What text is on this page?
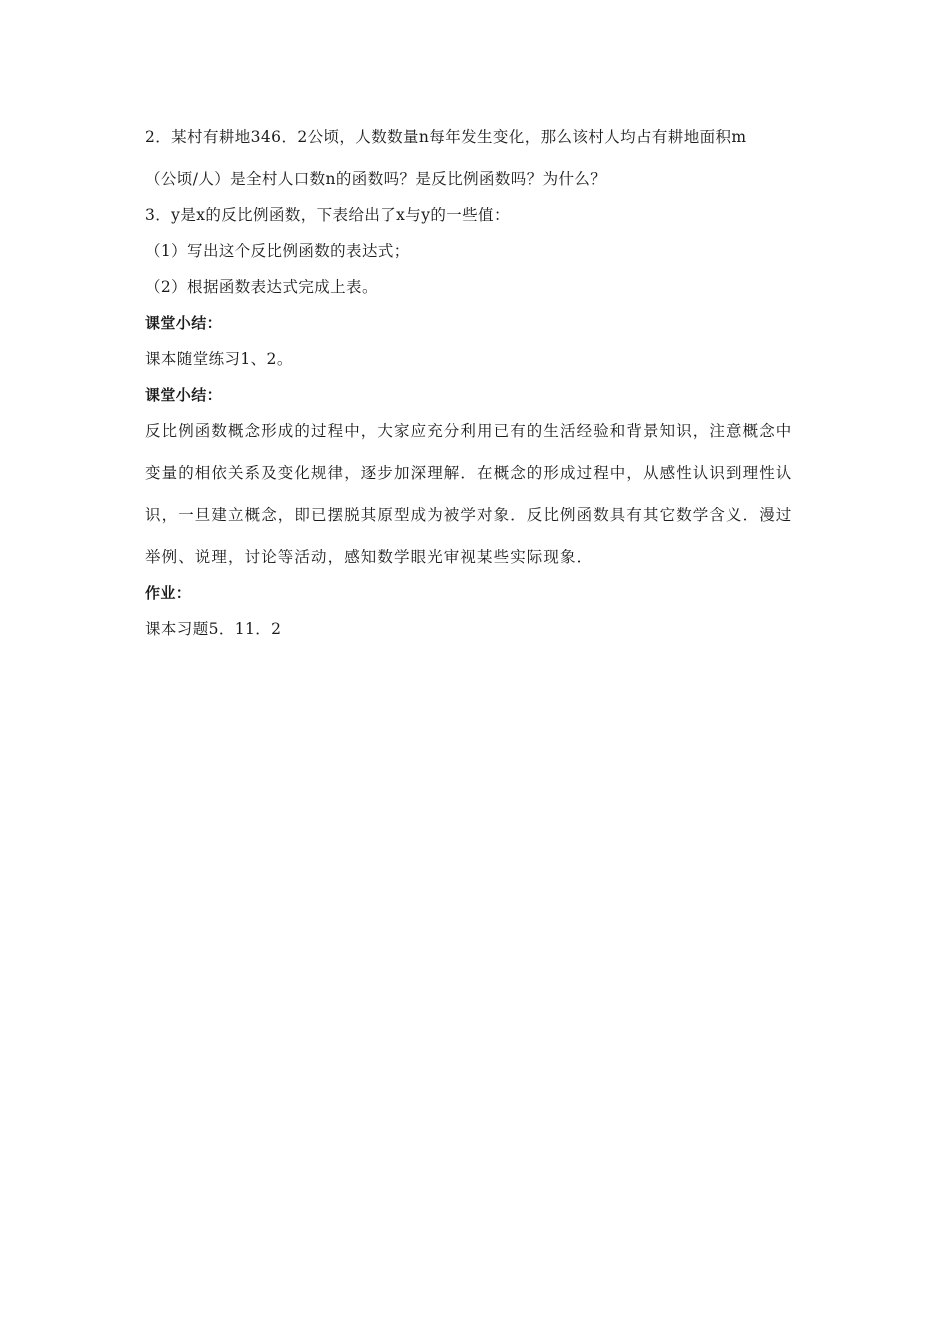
2．某村有耕地346．2公顷，人数数量n每年发生变化，那么该村人均占有耕地面积m

（公顷/人）是全村人口数n的函数吗？是反比例函数吗？为什么？

3．y是x的反比例函数，下表给出了x与y的一些值：

（1）写出这个反比例函数的表达式；

（2）根据函数表达式完成上表。

课堂小结：

课本随堂练习1、2。

课堂小结：

反比例函数概念形成的过程中，大家应充分利用已有的生活经验和背景知识，注意概念中

变量的相依关系及变化规律，逐步加深理解．在概念的形成过程中，从感性认识到理性认

识，一旦建立概念，即已摆脱其原型成为被学对象．反比例函数具有其它数学含义．漫过

举例、说理，讨论等活动，感知数学眼光审视某些实际现象．

作业：

课本习题5．11．2
